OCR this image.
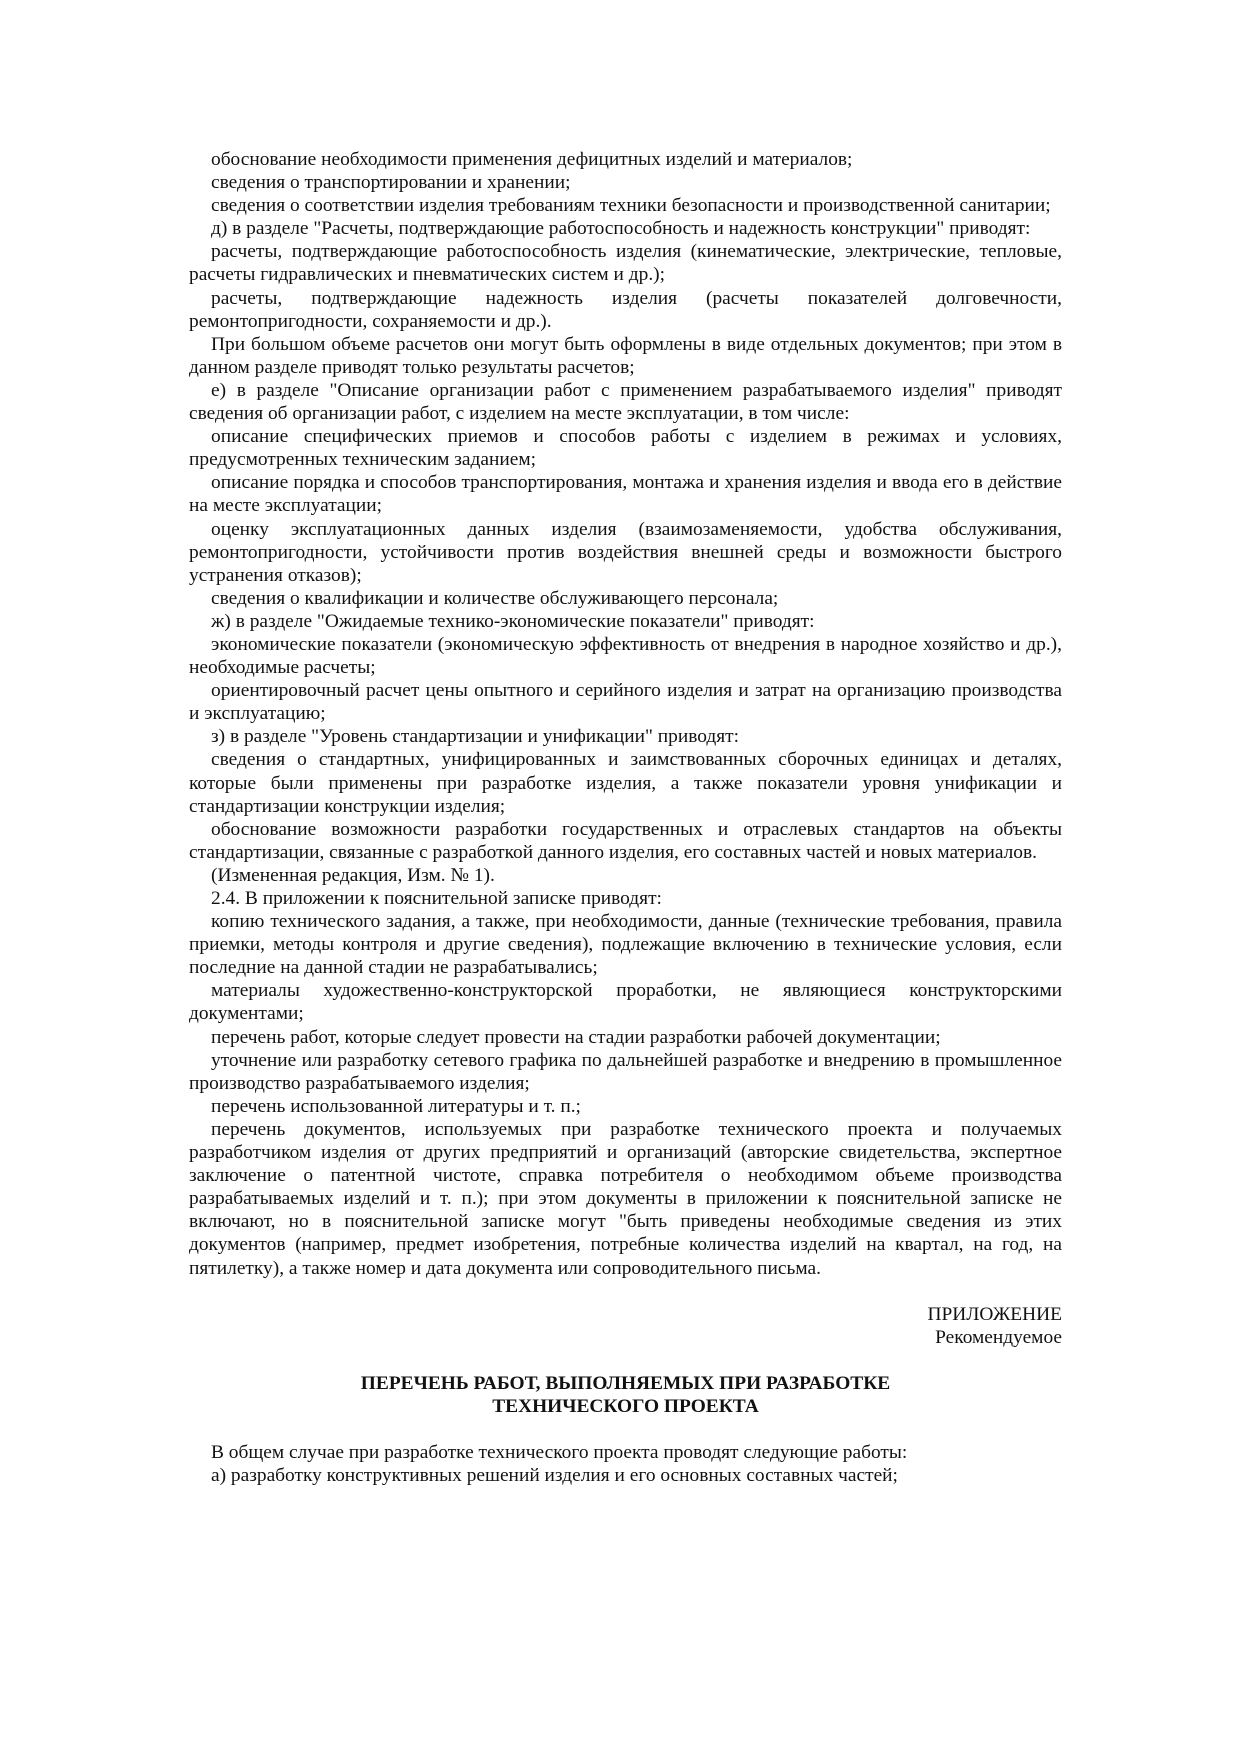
обоснование необходимости применения дефицитных изделий и материалов;

сведения о транспортировании и хранении;

сведения о соответствии изделия требованиям техники безопасности и производственной санитарии;

д) в разделе "Расчеты, подтверждающие работоспособность и надежность конструкции" приводят:

расчеты, подтверждающие работоспособность изделия (кинематические, электрические, тепловые, расчеты гидравлических и пневматических систем и др.);

расчеты, подтверждающие надежность изделия (расчеты показателей долговечности, ремонтопригодности, сохраняемости и др.).

При большом объеме расчетов они могут быть оформлены в виде отдельных документов; при этом в данном разделе приводят только результаты расчетов;

е) в разделе "Описание организации работ с применением разрабатываемого изделия" приводят сведения об организации работ, с изделием на месте эксплуатации, в том числе:

описание специфических приемов и способов работы с изделием в режимах и условиях, предусмотренных техническим заданием;

описание порядка и способов транспортирования, монтажа и хранения изделия и ввода его в действие на месте эксплуатации;

оценку эксплуатационных данных изделия (взаимозаменяемости, удобства обслуживания, ремонтопригодности, устойчивости против воздействия внешней среды и возможности быстрого устранения отказов);

сведения о квалификации и количестве обслуживающего персонала;

ж) в разделе "Ожидаемые технико-экономические показатели" приводят:

экономические показатели (экономическую эффективность от внедрения в народное хозяйство и др.), необходимые расчеты;

ориентировочный расчет цены опытного и серийного изделия и затрат на организацию производства и эксплуатацию;

з) в разделе "Уровень стандартизации и унификации" приводят:

сведения о стандартных, унифицированных и заимствованных сборочных единицах и деталях, которые были применены при разработке изделия, а также показатели уровня унификации и стандартизации конструкции изделия;

обоснование возможности разработки государственных и отраслевых стандартов на объекты стандартизации, связанные с разработкой данного изделия, его составных частей и новых материалов.

(Измененная редакция, Изм. № 1).

2.4. В приложении к пояснительной записке приводят:

копию технического задания, а также, при необходимости, данные (технические требования, правила приемки, методы контроля и другие сведения), подлежащие включению в технические условия, если последние на данной стадии не разрабатывались;

материалы художественно-конструкторской проработки, не являющиеся конструкторскими документами;

перечень работ, которые следует провести на стадии разработки рабочей документации;

уточнение или разработку сетевого графика по дальнейшей разработке и внедрению в промышленное производство разрабатываемого изделия;

перечень использованной литературы и т. п.;

перечень документов, используемых при разработке технического проекта и получаемых разработчиком изделия от других предприятий и организаций (авторские свидетельства, экспертное заключение о патентной чистоте, справка потребителя о необходимом объеме производства разрабатываемых изделий и т. п.); при этом документы в приложении к пояснительной записке не включают, но в пояснительной записке могут "быть приведены необходимые сведения из этих документов (например, предмет изобретения, потребные количества изделий на квартал, на год, на пятилетку), а также номер и дата документа или сопроводительного письма.

ПРИЛОЖЕНИЕ

Рекомендуемое

ПЕРЕЧЕНЬ РАБОТ, ВЫПОЛНЯЕМЫХ ПРИ РАЗРАБОТКЕ
ТЕХНИЧЕСКОГО ПРОЕКТА

В общем случае при разработке технического проекта проводят следующие работы:

а) разработку конструктивных решений изделия и его основных составных частей;
